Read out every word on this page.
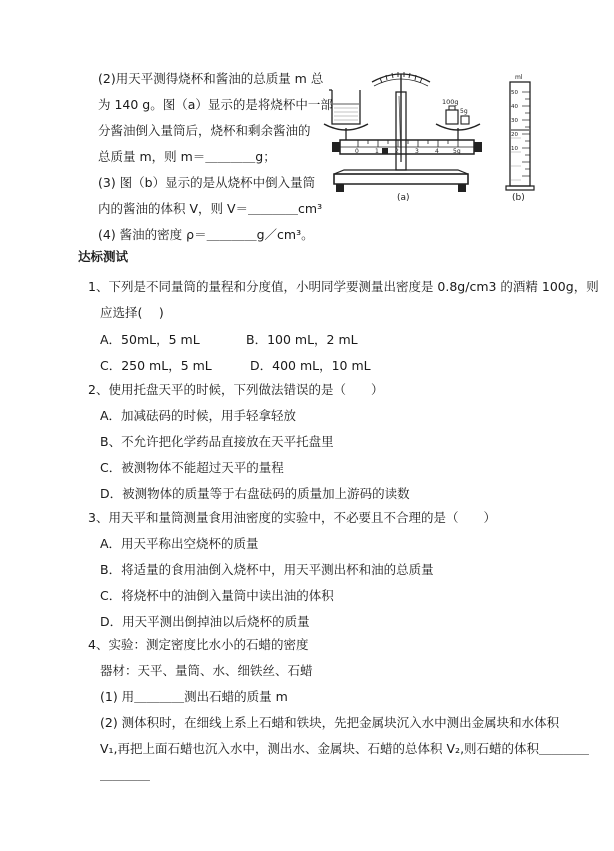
(2)用天平测得烧杯和酱油的总质量 m 总
为 140 g。图（a）显示的是将烧杯中一部
分酱油倒入量筒后，烧杯和剩余酱油的
总质量 m，则 m＝＿＿＿＿g；
(3) 图（b）显示的是从烧杯中倒入量筒
内的酱油的体积 V，则 V＝＿＿＿＿cm³
(4) 酱油的密度 ρ＝＿＿＿＿g／cm³。
0	1	2	3	4 5g
100g
5g
(a)
ml
50
40
30
20
10
(b)
达标测试
1、下列是不同量筒的量程和分度值，小明同学要测量出密度是 0.8g/cm3 的酒精 100g，则
应选择(　 )
A．50mL，5 mL	B．100 mL，2 mL
C．250 mL，5 mL	D．400 mL，10 mL
2、使用托盘天平的时候，下列做法错误的是（　　）
A．加减砝码的时候，用手轻拿轻放
B、不允许把化学药品直接放在天平托盘里
C．被测物体不能超过天平的量程
D．被测物体的质量等于右盘砝码的质量加上游码的读数
3、用天平和量筒测量食用油密度的实验中，不必要且不合理的是（　　）
A．用天平称出空烧杯的质量
B．将适量的食用油倒入烧杯中，用天平测出杯和油的总质量
C．将烧杯中的油倒入量筒中读出油的体积
D．用天平测出倒掉油以后烧杯的质量
4、实验：测定密度比水小的石蜡的密度
器材：天平、量筒、水、细铁丝、石蜡
(1) 用＿＿＿＿测出石蜡的质量 m
(2) 测体积时，在细线上系上石蜡和铁块，先把金属块沉入水中测出金属块和水体积
V₁,再把上面石蜡也沉入水中，测出水、金属块、石蜡的总体积 V₂,则石蜡的体积＿＿＿＿
＿＿＿＿
